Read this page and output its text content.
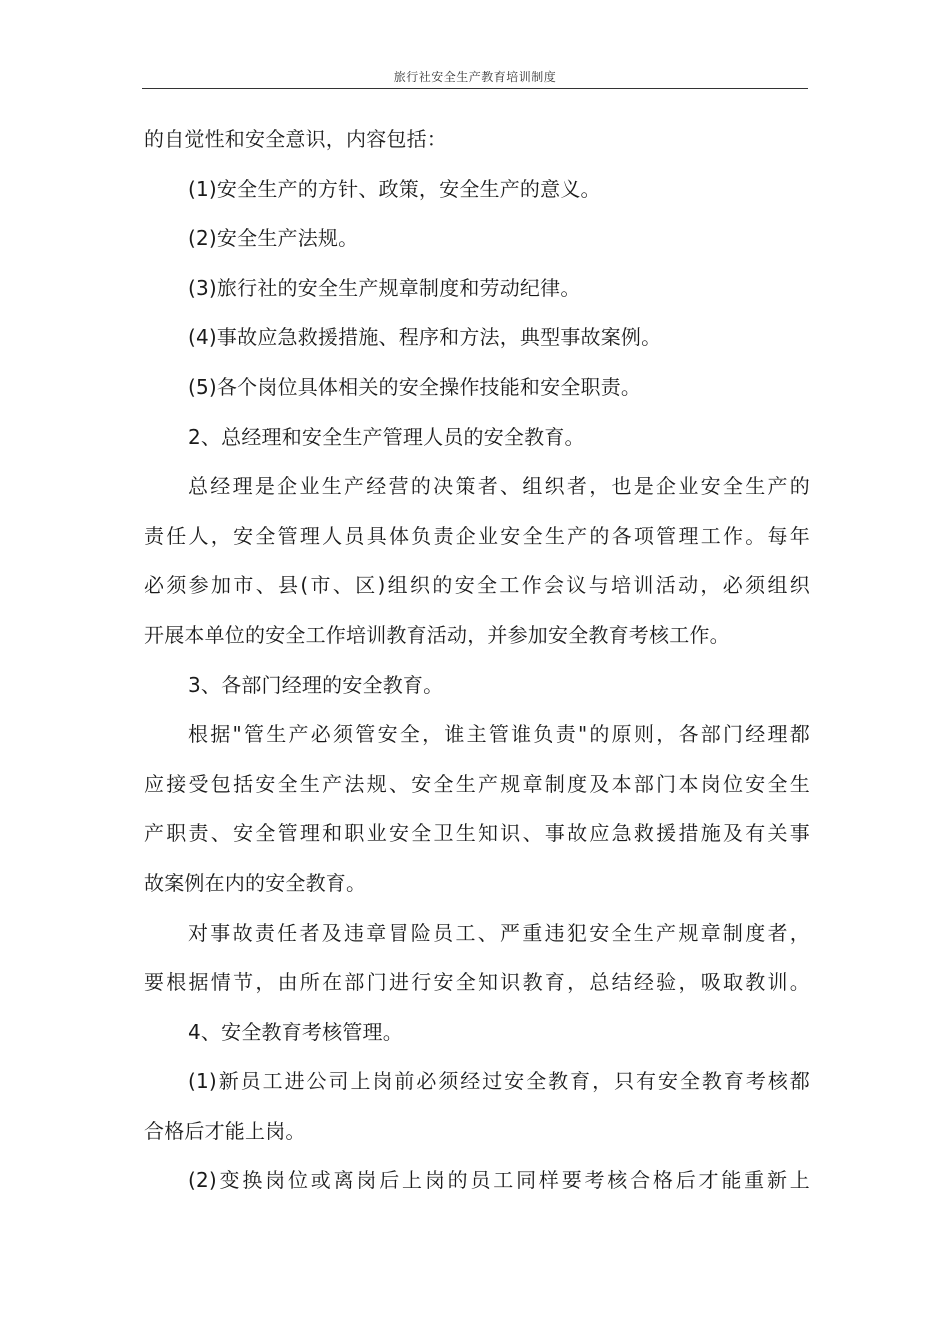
旅行社安全生产教育培训制度
的自觉性和安全意识，内容包括：
(1)安全生产的方针、政策，安全生产的意义。
(2)安全生产法规。
(3)旅行社的安全生产规章制度和劳动纪律。
(4)事故应急救援措施、程序和方法，典型事故案例。
(5)各个岗位具体相关的安全操作技能和安全职责。
2、总经理和安全生产管理人员的安全教育。
总经理是企业生产经营的决策者、组织者，也是企业安全生产的
责任人，安全管理人员具体负责企业安全生产的各项管理工作。每年
必须参加市、县(市、区)组织的安全工作会议与培训活动，必须组织
开展本单位的安全工作培训教育活动，并参加安全教育考核工作。
3、各部门经理的安全教育。
根据"管生产必须管安全，谁主管谁负责"的原则，各部门经理都
应接受包括安全生产法规、安全生产规章制度及本部门本岗位安全生
产职责、安全管理和职业安全卫生知识、事故应急救援措施及有关事
故案例在内的安全教育。
对事故责任者及违章冒险员工、严重违犯安全生产规章制度者，
要根据情节，由所在部门进行安全知识教育，总结经验，吸取教训。
4、安全教育考核管理。
(1)新员工进公司上岗前必须经过安全教育，只有安全教育考核都
合格后才能上岗。
(2)变换岗位或离岗后上岗的员工同样要考核合格后才能重新上
